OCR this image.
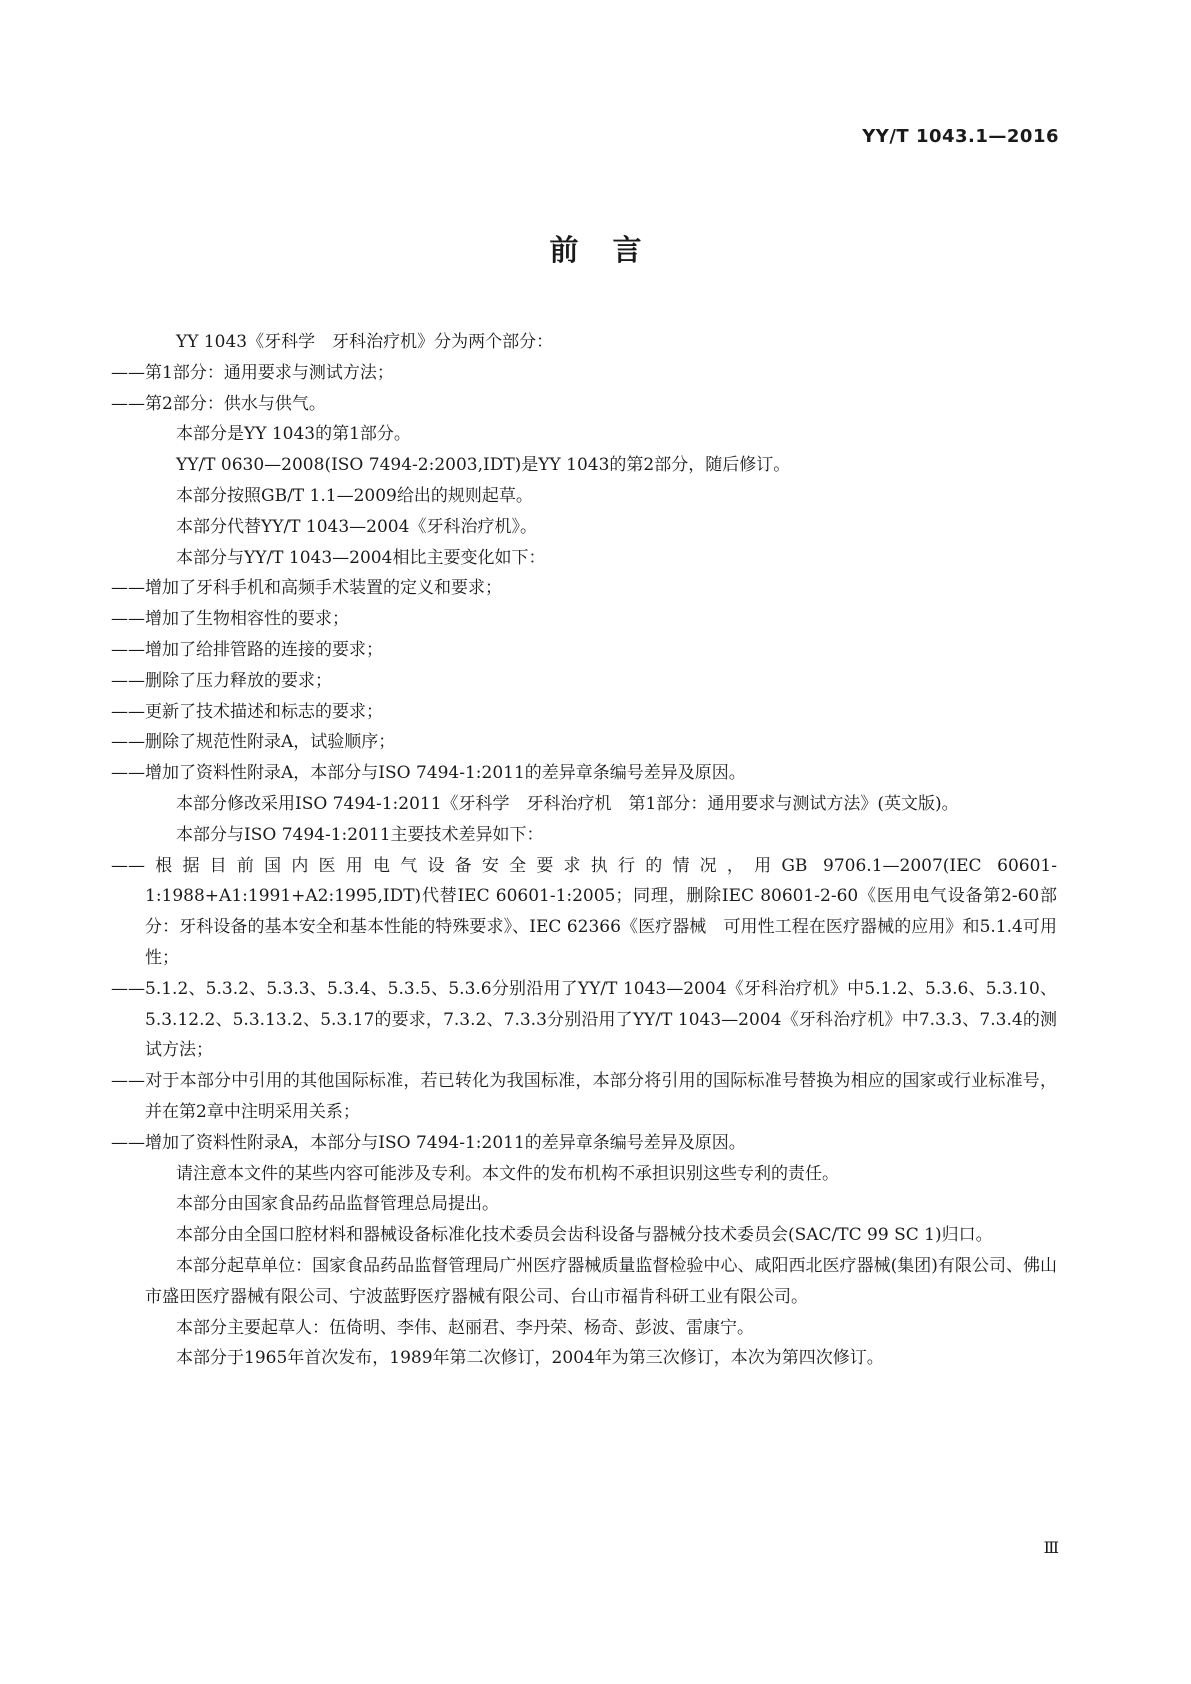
YY/T 1043.1—2016
前言

YY 1043《牙科学　牙科治疗机》分为两个部分：

——第1部分：通用要求与测试方法；

——第2部分：供水与供气。

本部分是YY 1043的第1部分。

YY/T 0630—2008(ISO 7494-2:2003,IDT)是YY 1043的第2部分，随后修订。

本部分按照GB/T 1.1—2009给出的规则起草。

本部分代替YY/T 1043—2004《牙科治疗机》。

本部分与YY/T 1043—2004相比主要变化如下：

——增加了牙科手机和高频手术装置的定义和要求；

——增加了生物相容性的要求；

——增加了给排管路的连接的要求；

——删除了压力释放的要求；

——更新了技术描述和标志的要求；

——删除了规范性附录A，试验顺序；

——增加了资料性附录A，本部分与ISO 7494-1:2011的差异章条编号差异及原因。

本部分修改采用ISO 7494-1:2011《牙科学　牙科治疗机　第1部分：通用要求与测试方法》(英文版)。

本部分与ISO 7494-1:2011主要技术差异如下：

——根据目前国内医用电气设备安全要求执行的情况，用GB 9706.1—2007(IEC 60601-1:1988+A1:1991+A2:1995,IDT)代替IEC 60601-1:2005；同理，删除IEC 80601-2-60《医用电气设备第2-60部分：牙科设备的基本安全和基本性能的特殊要求》、IEC 62366《医疗器械　可用性工程在医疗器械的应用》和5.1.4可用性；

——5.1.2、5.3.2、5.3.3、5.3.4、5.3.5、5.3.6分别沿用了YY/T 1043—2004《牙科治疗机》中5.1.2、5.3.6、5.3.10、5.3.12.2、5.3.13.2、5.3.17的要求，7.3.2、7.3.3分别沿用了YY/T 1043—2004《牙科治疗机》中7.3.3、7.3.4的测试方法；

——对于本部分中引用的其他国际标准，若已转化为我国标准，本部分将引用的国际标准号替换为相应的国家或行业标准号，并在第2章中注明采用关系；

——增加了资料性附录A，本部分与ISO 7494-1:2011的差异章条编号差异及原因。

请注意本文件的某些内容可能涉及专利。本文件的发布机构不承担识别这些专利的责任。

本部分由国家食品药品监督管理总局提出。

本部分由全国口腔材料和器械设备标准化技术委员会齿科设备与器械分技术委员会(SAC/TC 99 SC 1)归口。

本部分起草单位：国家食品药品监督管理局广州医疗器械质量监督检验中心、咸阳西北医疗器械(集团)有限公司、佛山市盛田医疗器械有限公司、宁波蓝野医疗器械有限公司、台山市福肯科研工业有限公司。

本部分主要起草人：伍倚明、李伟、赵丽君、李丹荣、杨奇、彭波、雷康宁。

本部分于1965年首次发布，1989年第二次修订，2004年为第三次修订，本次为第四次修订。

Ⅲ
